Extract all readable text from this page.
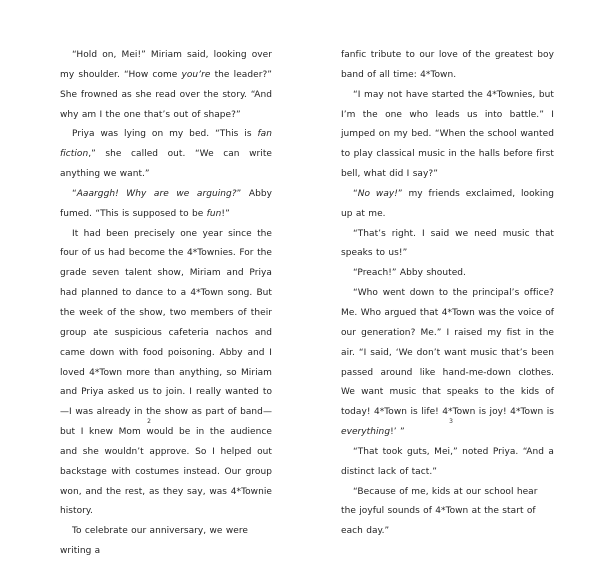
“Hold on, Mei!” Miriam said, looking over my shoulder. “How come you’re the leader?” She frowned as she read over the story. “And why am I the one that’s out of shape?”

Priya was lying on my bed. “This is fan fiction,” she called out. “We can write anything we want.”

“Aaarggh! Why are we arguing?” Abby fumed. “This is supposed to be fun!”

It had been precisely one year since the four of us had become the 4*Townies. For the grade seven talent show, Miriam and Priya had planned to dance to a 4*Town song. But the week of the show, two members of their group ate suspicious cafeteria nachos and came down with food poisoning. Abby and I loved 4*Town more than anything, so Miriam and Priya asked us to join. I really wanted to—I was already in the show as part of band—but I knew Mom would be in the audience and she wouldn’t approve. So I helped out backstage with costumes instead. Our group won, and the rest, as they say, was 4*Townie history.

To celebrate our anniversary, we were writing a

2

fanfic tribute to our love of the greatest boy band of all time: 4*Town.

“I may not have started the 4*Townies, but I’m the one who leads us into battle.” I jumped on my bed. “When the school wanted to play classical music in the halls before first bell, what did I say?”

“No way!” my friends exclaimed, looking up at me.

“That’s right. I said we need music that speaks to us!”

“Preach!” Abby shouted.

“Who went down to the principal’s office? Me. Who argued that 4*Town was the voice of our generation? Me.” I raised my fist in the air. “I said, ‘We don’t want music that’s been passed around like hand-me-down clothes. We want music that speaks to the kids of today! 4*Town is life! 4*Town is joy! 4*Town is everything!’ ”

“That took guts, Mei,” noted Priya. “And a distinct lack of tact.”

“Because of me, kids at our school hear the joyful sounds of 4*Town at the start of each day.”

3
